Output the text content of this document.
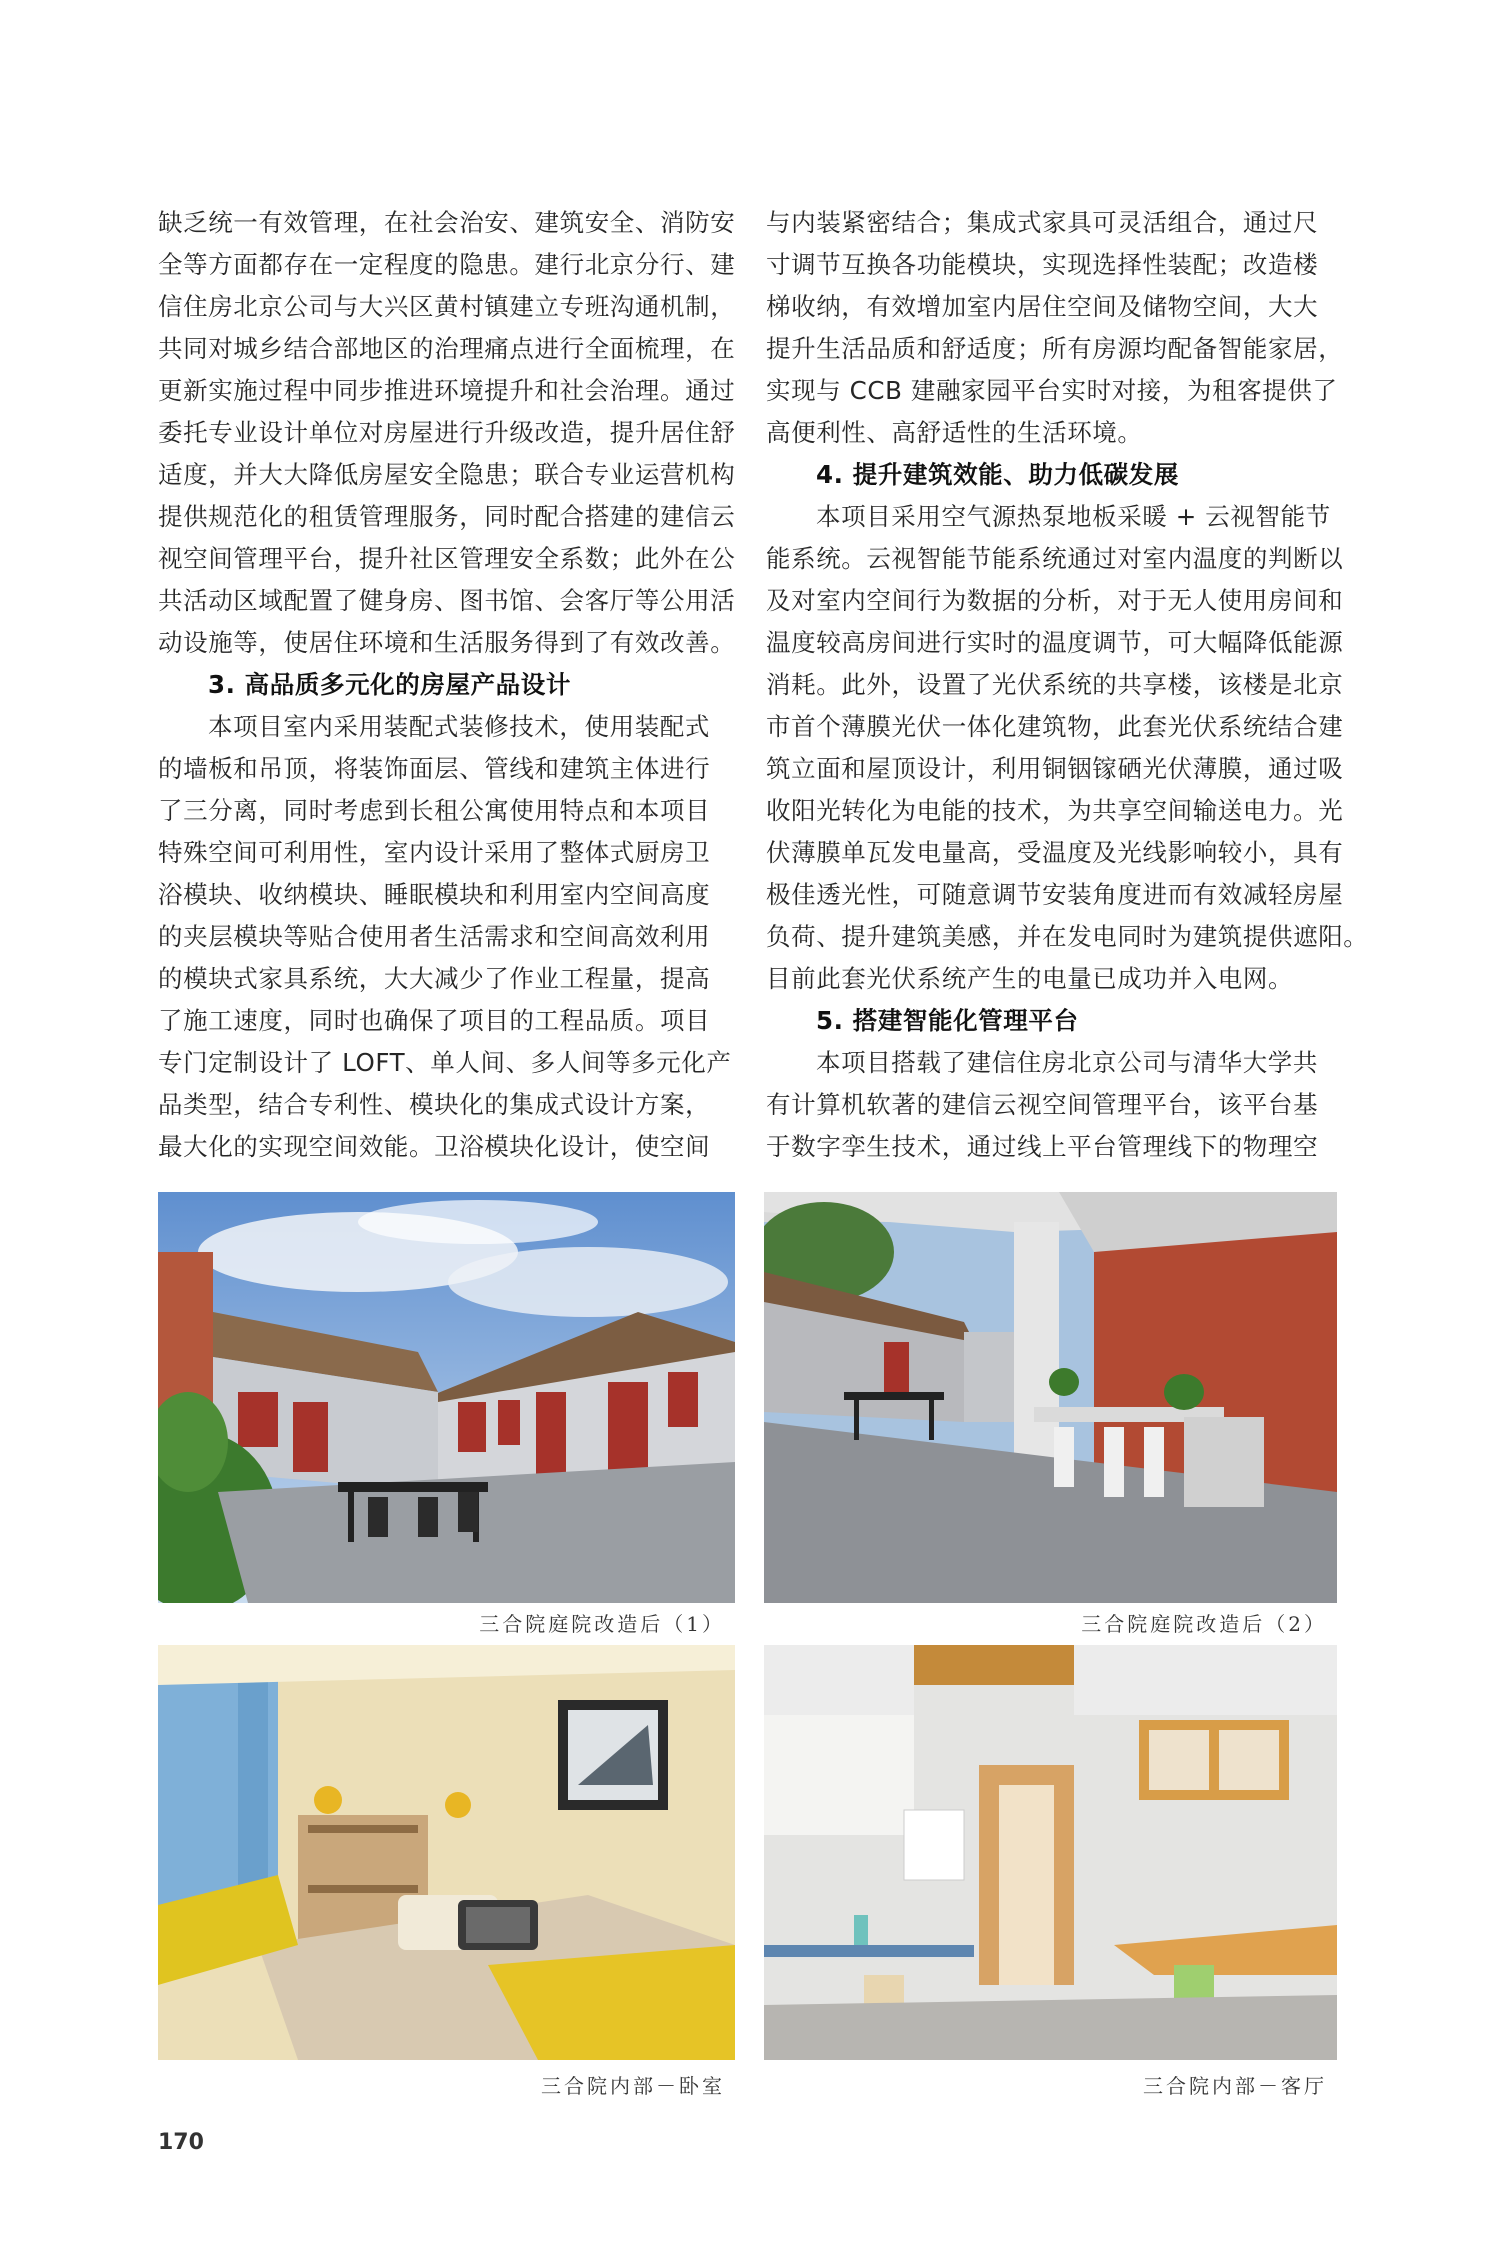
缺乏统一有效管理，在社会治安、建筑安全、消防安
全等方面都存在一定程度的隐患。建行北京分行、建
信住房北京公司与大兴区黄村镇建立专班沟通机制，
共同对城乡结合部地区的治理痛点进行全面梳理，在
更新实施过程中同步推进环境提升和社会治理。通过
委托专业设计单位对房屋进行升级改造，提升居住舒
适度，并大大降低房屋安全隐患；联合专业运营机构
提供规范化的租赁管理服务，同时配合搭建的建信云
视空间管理平台，提升社区管理安全系数；此外在公
共活动区域配置了健身房、图书馆、会客厅等公用活
动设施等，使居住环境和生活服务得到了有效改善。
3. 高品质多元化的房屋产品设计
本项目室内采用装配式装修技术，使用装配式
的墙板和吊顶，将装饰面层、管线和建筑主体进行
了三分离，同时考虑到长租公寓使用特点和本项目
特殊空间可利用性，室内设计采用了整体式厨房卫
浴模块、收纳模块、睡眠模块和利用室内空间高度
的夹层模块等贴合使用者生活需求和空间高效利用
的模块式家具系统，大大减少了作业工程量，提高
了施工速度，同时也确保了项目的工程品质。项目
专门定制设计了 LOFT、单人间、多人间等多元化产
品类型，结合专利性、模块化的集成式设计方案，
最大化的实现空间效能。卫浴模块化设计，使空间
与内装紧密结合；集成式家具可灵活组合，通过尺
寸调节互换各功能模块，实现选择性装配；改造楼
梯收纳，有效增加室内居住空间及储物空间，大大
提升生活品质和舒适度；所有房源均配备智能家居，
实现与 CCB 建融家园平台实时对接，为租客提供了
高便利性、高舒适性的生活环境。
4. 提升建筑效能、助力低碳发展
本项目采用空气源热泵地板采暖 + 云视智能节
能系统。云视智能节能系统通过对室内温度的判断以
及对室内空间行为数据的分析，对于无人使用房间和
温度较高房间进行实时的温度调节，可大幅降低能源
消耗。此外，设置了光伏系统的共享楼，该楼是北京
市首个薄膜光伏一体化建筑物，此套光伏系统结合建
筑立面和屋顶设计，利用铜铟镓硒光伏薄膜，通过吸
收阳光转化为电能的技术，为共享空间输送电力。光
伏薄膜单瓦发电量高，受温度及光线影响较小，具有
极佳透光性，可随意调节安装角度进而有效减轻房屋
负荷、提升建筑美感，并在发电同时为建筑提供遮阳。
目前此套光伏系统产生的电量已成功并入电网。
5. 搭建智能化管理平台
本项目搭载了建信住房北京公司与清华大学共
有计算机软著的建信云视空间管理平台，该平台基
于数字孪生技术，通过线上平台管理线下的物理空
三合院庭院改造后（1）	三合院庭院改造后（2）
三合院内部－卧室	三合院内部－客厅
170
